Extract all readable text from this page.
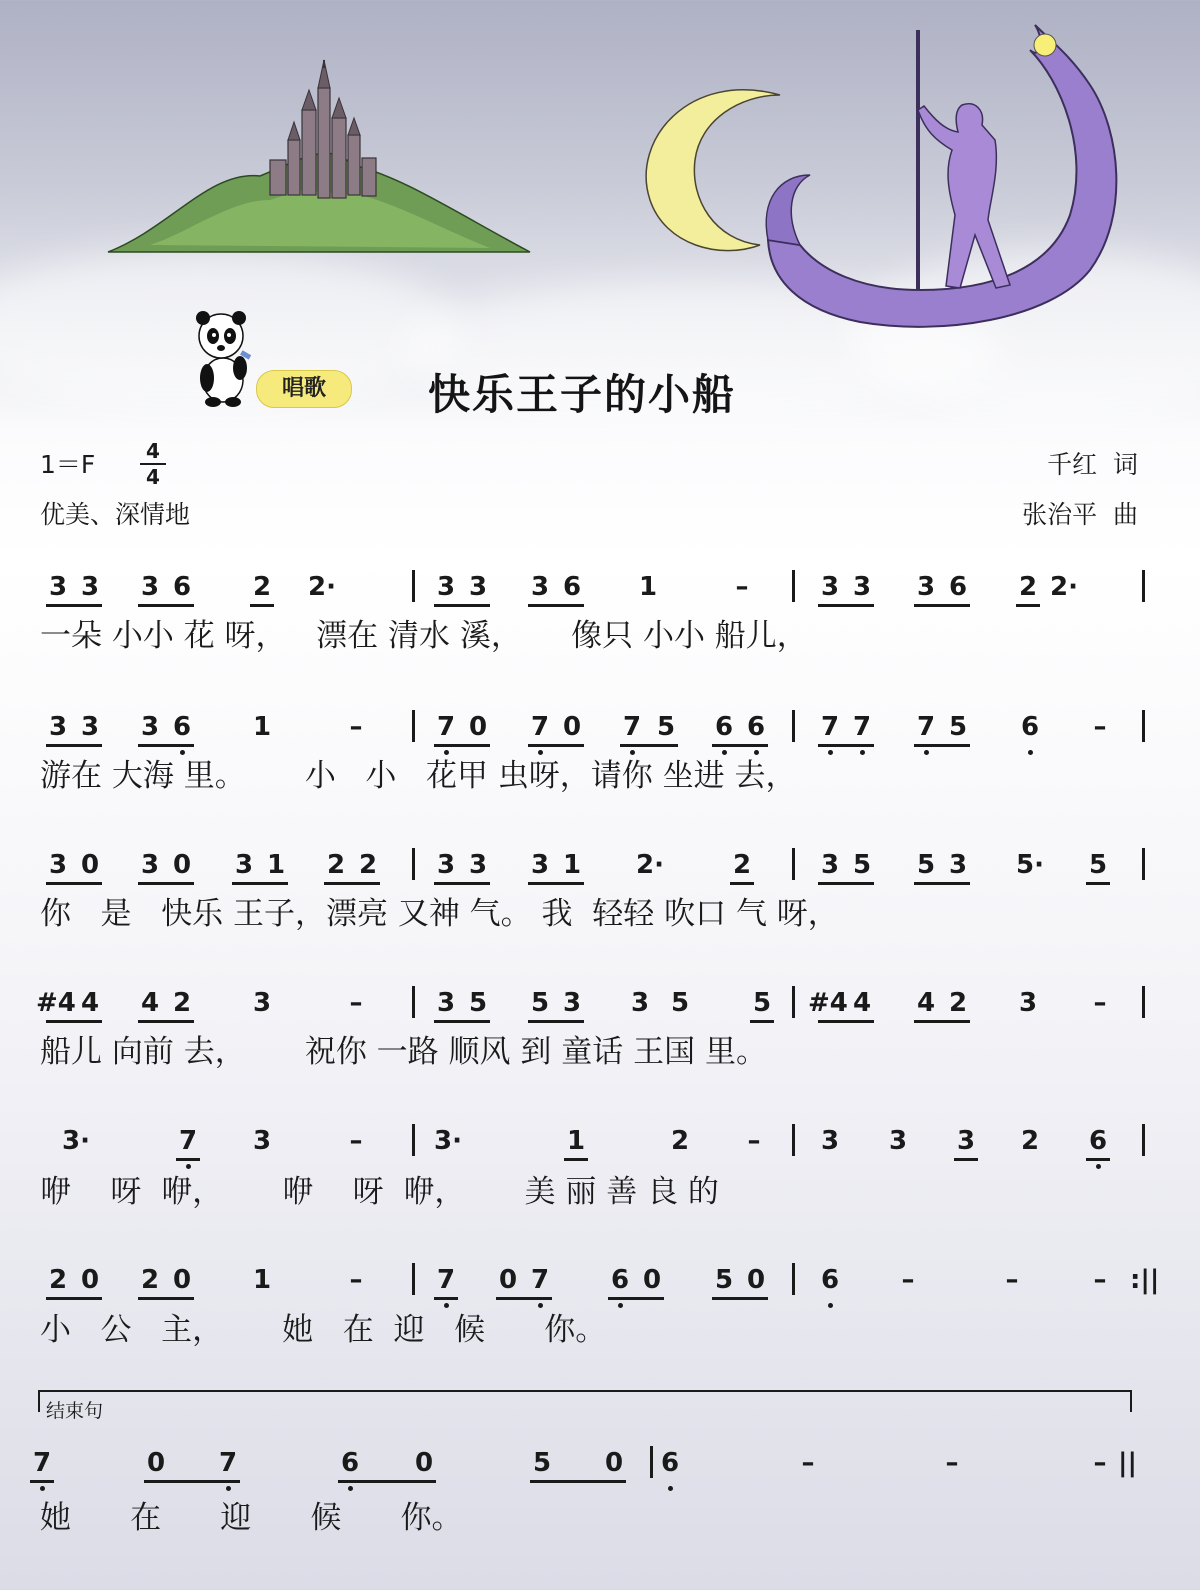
唱歌	快乐王子的小船
1＝F	4
4
优美、深情地
千红  词
张治平  曲
3 3 3 6 2 2·	3 3 3 6 1	–	3 3 3 6 2 2·
一朵 小小 花 呀，   漂在 清水 溪，     像只 小小 船儿，
3 3 3 6 1	–	7 0 7 0 7 5 6 6 7 7 7 5 6 –
游在 大海 里。      小   小   花甲 虫呀，请你 坐进 去，
3 0 3 0 3 1 2 2 3 3 3 1 2·	2	3 5 5 3 5· 5
你   是   快乐 王子，漂亮 又神 气。 我  轻轻 吹口 气 呀，
#4 4 4 2 3	–	3 5 5 3 3 5 5 #4 4 4 2 3 –
船儿 向前 去，      祝你 一路 顺风 到 童话 王国 里。
3·	7 3	–	3·	1	2 – 3 3 3 2 6
咿    呀  咿，      咿    呀  咿，      美 丽 善 良 的
2 0 2 0 1	–	7 0 7 6 0 5 0 6 –	–	– :||
小   公   主，      她   在  迎   候      你。
7	0 7	6 0	5 0 6	–	–	– ||
她      在      迎      候      你。
结束句
